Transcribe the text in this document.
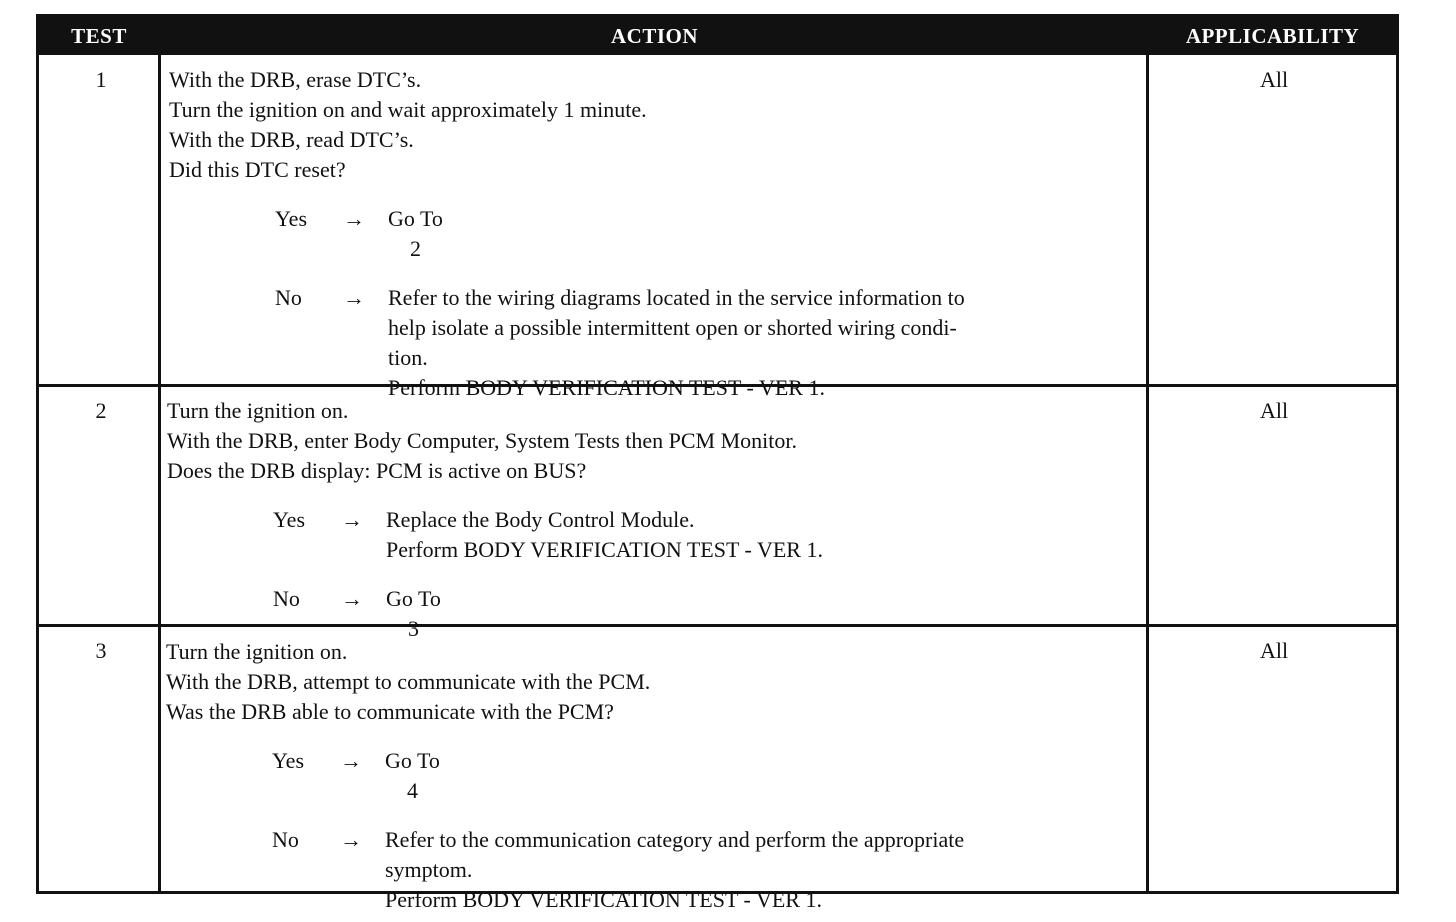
TEST	ACTION	APPLICABILITY
1	With the DRB, erase DTC’s.
Turn the ignition on and wait approximately 1 minute.
With the DRB, read DTC’s.
Did this DTC reset?
Yes	→ Go To
2
No	→ Refer to the wiring diagrams located in the service information to
help isolate a possible intermittent open or shorted wiring condi-
tion.
Perform BODY VERIFICATION TEST - VER 1.
All
2	Turn the ignition on.
With the DRB, enter Body Computer, System Tests then PCM Monitor.
Does the DRB display: PCM is active on BUS?
Yes	→ Replace the Body Control Module.
Perform BODY VERIFICATION TEST - VER 1.
No	→ Go To
3
All
3	Turn the ignition on.
With the DRB, attempt to communicate with the PCM.
Was the DRB able to communicate with the PCM?
Yes	→ Go To
4
No	→ Refer to the communication category and perform the appropriate
symptom.
Perform BODY VERIFICATION TEST - VER 1.
All
